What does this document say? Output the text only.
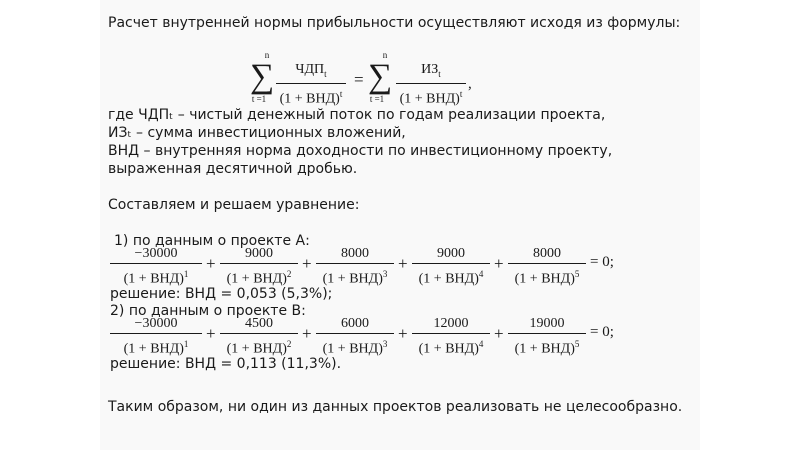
Расчет внутренней нормы прибыльности осуществляют исходя из формулы:
n
∑
t =1
$ЧДП_t$
(1 + ВНД)$^t$
=
n
∑
t =1
$ИЗ_t$
(1 + ВНД)$^t$
,
где ЧДПₜ – чистый денежный поток по годам реализации проекта,
ИЗₜ – сумма инвестиционных вложений,
ВНД – внутренняя норма доходности по инвестиционному проекту,
выраженная десятичной дробью.
Составляем и решаем уравнение:
1) по данным о проекте А:
−30000
(1 + ВНД)$^1$
+
9000
(1 + ВНД)$^2$
+
8000
(1 + ВНД)$^3$
+
9000
(1 + ВНД)$^4$
+
8000
(1 + ВНД)$^5$
= 0;
решение: ВНД = 0,053 (5,3%);
2) по данным о проекте В:
−30000
(1 + ВНД)$^1$
+
4500
(1 + ВНД)$^2$
+
6000
(1 + ВНД)$^3$
+
12000
(1 + ВНД)$^4$
+
19000
(1 + ВНД)$^5$
= 0;
решение: ВНД = 0,113 (11,3%).
Таким образом, ни один из данных проектов реализовать не целесообразно.
